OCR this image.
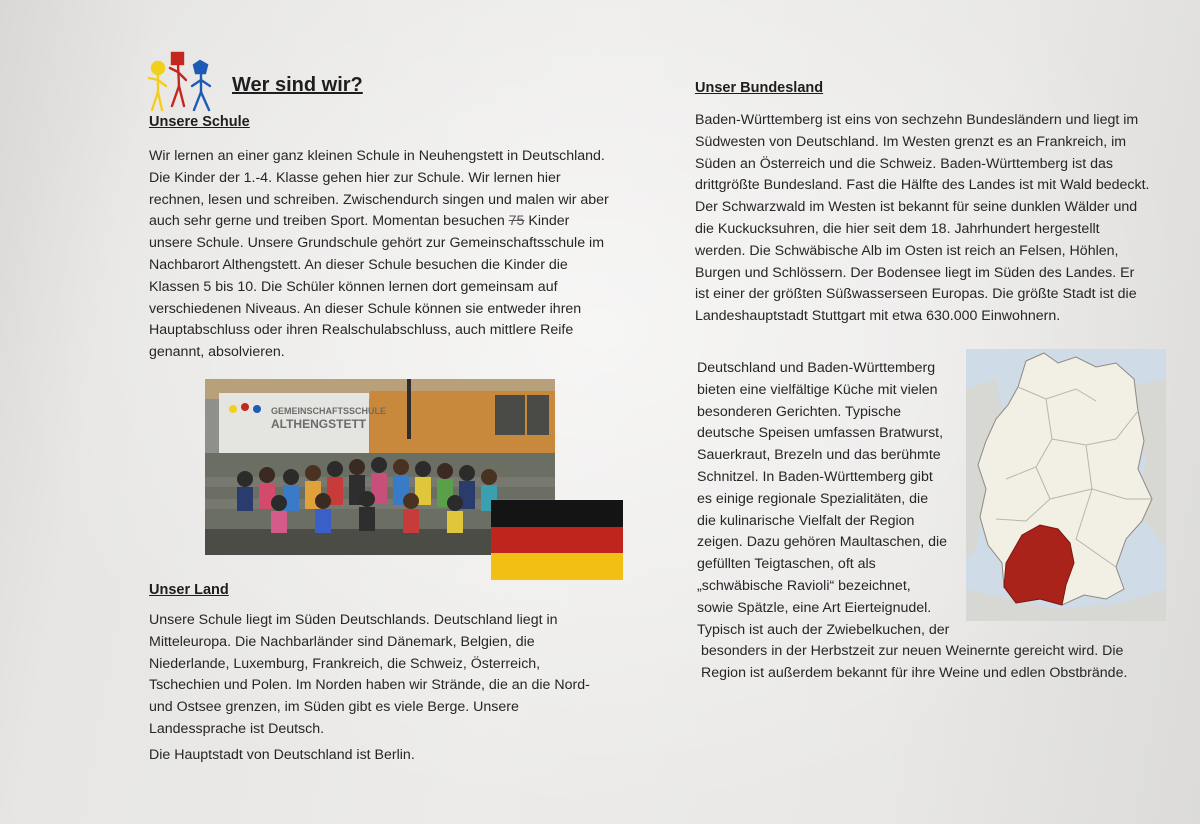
Wer sind wir?
Unsere Schule

Wir lernen an einer ganz kleinen Schule in Neuhengstett in Deutschland. Die Kinder der 1.-4. Klasse gehen hier zur Schule. Wir lernen hier rechnen, lesen und schreiben. Zwischendurch singen und malen wir aber auch sehr gerne und treiben Sport. Momentan besuchen 75 Kinder unsere Schule. Unsere Grundschule gehört zur Gemeinschaftsschule im Nachbarort Althengstett. An dieser Schule besuchen die Kinder die Klassen 5 bis 10. Die Schüler können lernen dort gemeinsam auf verschiedenen Niveaus. An dieser Schule können sie entweder ihren Hauptabschluss oder ihren Realschulabschluss, auch mittlere Reife genannt, absolvieren.

GEMEINSCHAFTSSCHULE
ALTHENGSTETT
Unser Land

Unsere Schule liegt im Süden Deutschlands. Deutschland liegt in Mitteleuropa. Die Nachbarländer sind Dänemark, Belgien, die Niederlande, Luxemburg, Frankreich, die Schweiz, Österreich, Tschechien und Polen. Im Norden haben wir Strände, die an die Nord- und Ostsee grenzen, im Süden gibt es viele Berge. Unsere Landessprache ist Deutsch.

Die Hauptstadt von Deutschland ist Berlin.

Unser Bundesland

Baden-Württemberg ist eins von sechzehn Bundesländern und liegt im Südwesten von Deutschland. Im Westen grenzt es an Frankreich, im Süden an Österreich und die Schweiz. Baden-Württemberg ist das drittgrößte Bundesland. Fast die Hälfte des Landes ist mit Wald bedeckt. Der Schwarzwald im Westen ist bekannt für seine dunklen Wälder und die Kuckucksuhren, die hier seit dem 18. Jahrhundert hergestellt werden. Die Schwäbische Alb im Osten ist reich an Felsen, Höhlen, Burgen und Schlössern. Der Bodensee liegt im Süden des Landes. Er ist einer der größten Süßwasserseen Europas. Die größte Stadt ist die Landeshauptstadt Stuttgart mit etwa 630.000 Einwohnern.

Deutschland und Baden-Württemberg
bieten eine vielfältige Küche mit vielen
besonderen Gerichten. Typische
deutsche Speisen umfassen Bratwurst,
Sauerkraut, Brezeln und das berühmte
Schnitzel. In Baden-Württemberg gibt
es einige regionale Spezialitäten, die
die kulinarische Vielfalt der Region
zeigen. Dazu gehören Maultaschen, die
gefüllten Teigtaschen, oft als
„schwäbische Ravioli“ bezeichnet,
sowie Spätzle, eine Art Eierteignudel.
Typisch ist auch der Zwiebelkuchen, der

besonders in der Herbstzeit zur neuen Weinernte gereicht wird. Die Region ist außerdem bekannt für ihre Weine und edlen Obstbrände.
